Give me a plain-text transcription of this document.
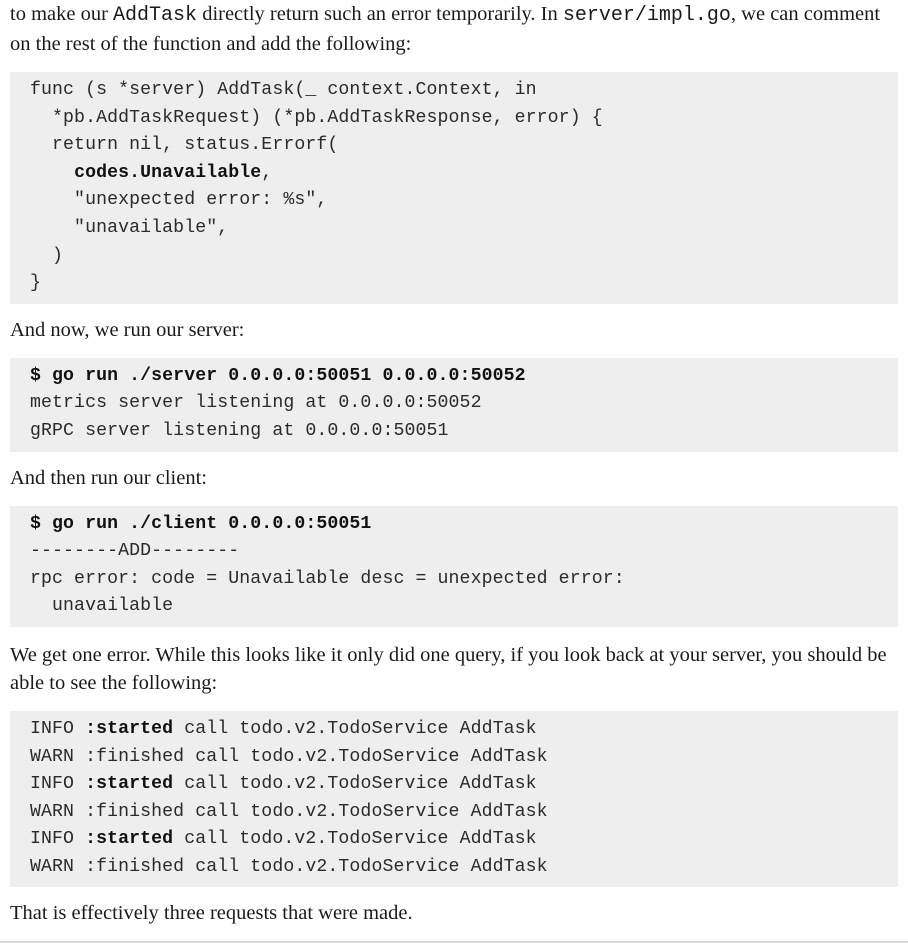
to make our AddTask directly return such an error temporarily. In server/impl.go, we can comment on the rest of the function and add the following:

func (s *server) AddTask(_ context.Context, in
*pb.AddTaskRequest) (*pb.AddTaskResponse, error) {
return nil, status.Errorf(
codes.Unavailable,
"unexpected error: %s",
"unavailable",
)
}

And now, we run our server:

$ go run ./server 0.0.0.0:50051 0.0.0.0:50052
metrics server listening at 0.0.0.0:50052
gRPC server listening at 0.0.0.0:50051

And then run our client:

$ go run ./client 0.0.0.0:50051
--------ADD--------
rpc error: code = Unavailable desc = unexpected error:
unavailable

We get one error. While this looks like it only did one query, if you look back at your server, you should be able to see the following:

INFO :started call todo.v2.TodoService AddTask
WARN :finished call todo.v2.TodoService AddTask
INFO :started call todo.v2.TodoService AddTask
WARN :finished call todo.v2.TodoService AddTask
INFO :started call todo.v2.TodoService AddTask
WARN :finished call todo.v2.TodoService AddTask

That is effectively three requests that were made.
